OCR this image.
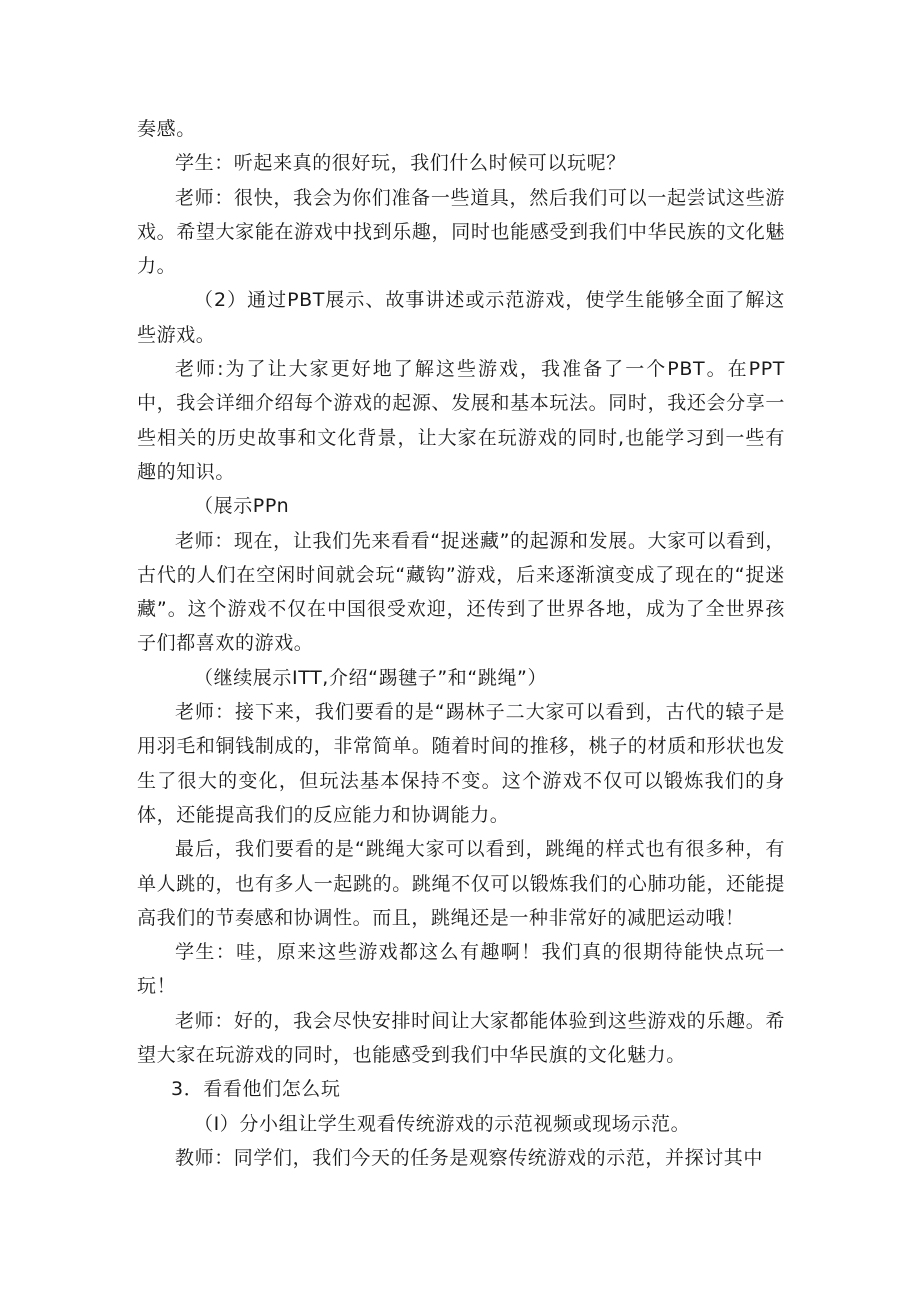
奏感。

学生：听起来真的很好玩，我们什么时候可以玩呢？

老师：很快，我会为你们准备一些道具，然后我们可以一起尝试这些游戏。希望大家能在游戏中找到乐趣，同时也能感受到我们中华民族的文化魅力。

（2）通过PBT展示、故事讲述或示范游戏，使学生能够全面了解这些游戏。

老师:为了让大家更好地了解这些游戏，我准备了一个PBT。在PPT中，我会详细介绍每个游戏的起源、发展和基本玩法。同时，我还会分享一些相关的历史故事和文化背景，让大家在玩游戏的同时,也能学习到一些有趣的知识。

（展示PPn

老师：现在，让我们先来看看“捉迷藏”的起源和发展。大家可以看到，古代的人们在空闲时间就会玩“藏钩”游戏，后来逐渐演变成了现在的“捉迷藏”。这个游戏不仅在中国很受欢迎，还传到了世界各地，成为了全世界孩子们都喜欢的游戏。

（继续展示ITT,介绍“踢毽子”和“跳绳”）

老师：接下来，我们要看的是“踢林子二大家可以看到，古代的辕子是用羽毛和铜钱制成的，非常简单。随着时间的推移，桃子的材质和形状也发生了很大的变化，但玩法基本保持不变。这个游戏不仅可以锻炼我们的身体，还能提高我们的反应能力和协调能力。

最后，我们要看的是“跳绳大家可以看到，跳绳的样式也有很多种，有单人跳的，也有多人一起跳的。跳绳不仅可以锻炼我们的心肺功能，还能提高我们的节奏感和协调性。而且，跳绳还是一种非常好的减肥运动哦！

学生：哇，原来这些游戏都这么有趣啊！我们真的很期待能快点玩一玩！

老师：好的，我会尽快安排时间让大家都能体验到这些游戏的乐趣。希望大家在玩游戏的同时，也能感受到我们中华民旗的文化魅力。

3．看看他们怎么玩

（I）分小组让学生观看传统游戏的示范视频或现场示范。

教师：同学们，我们今天的任务是观察传统游戏的示范，并探讨其中
